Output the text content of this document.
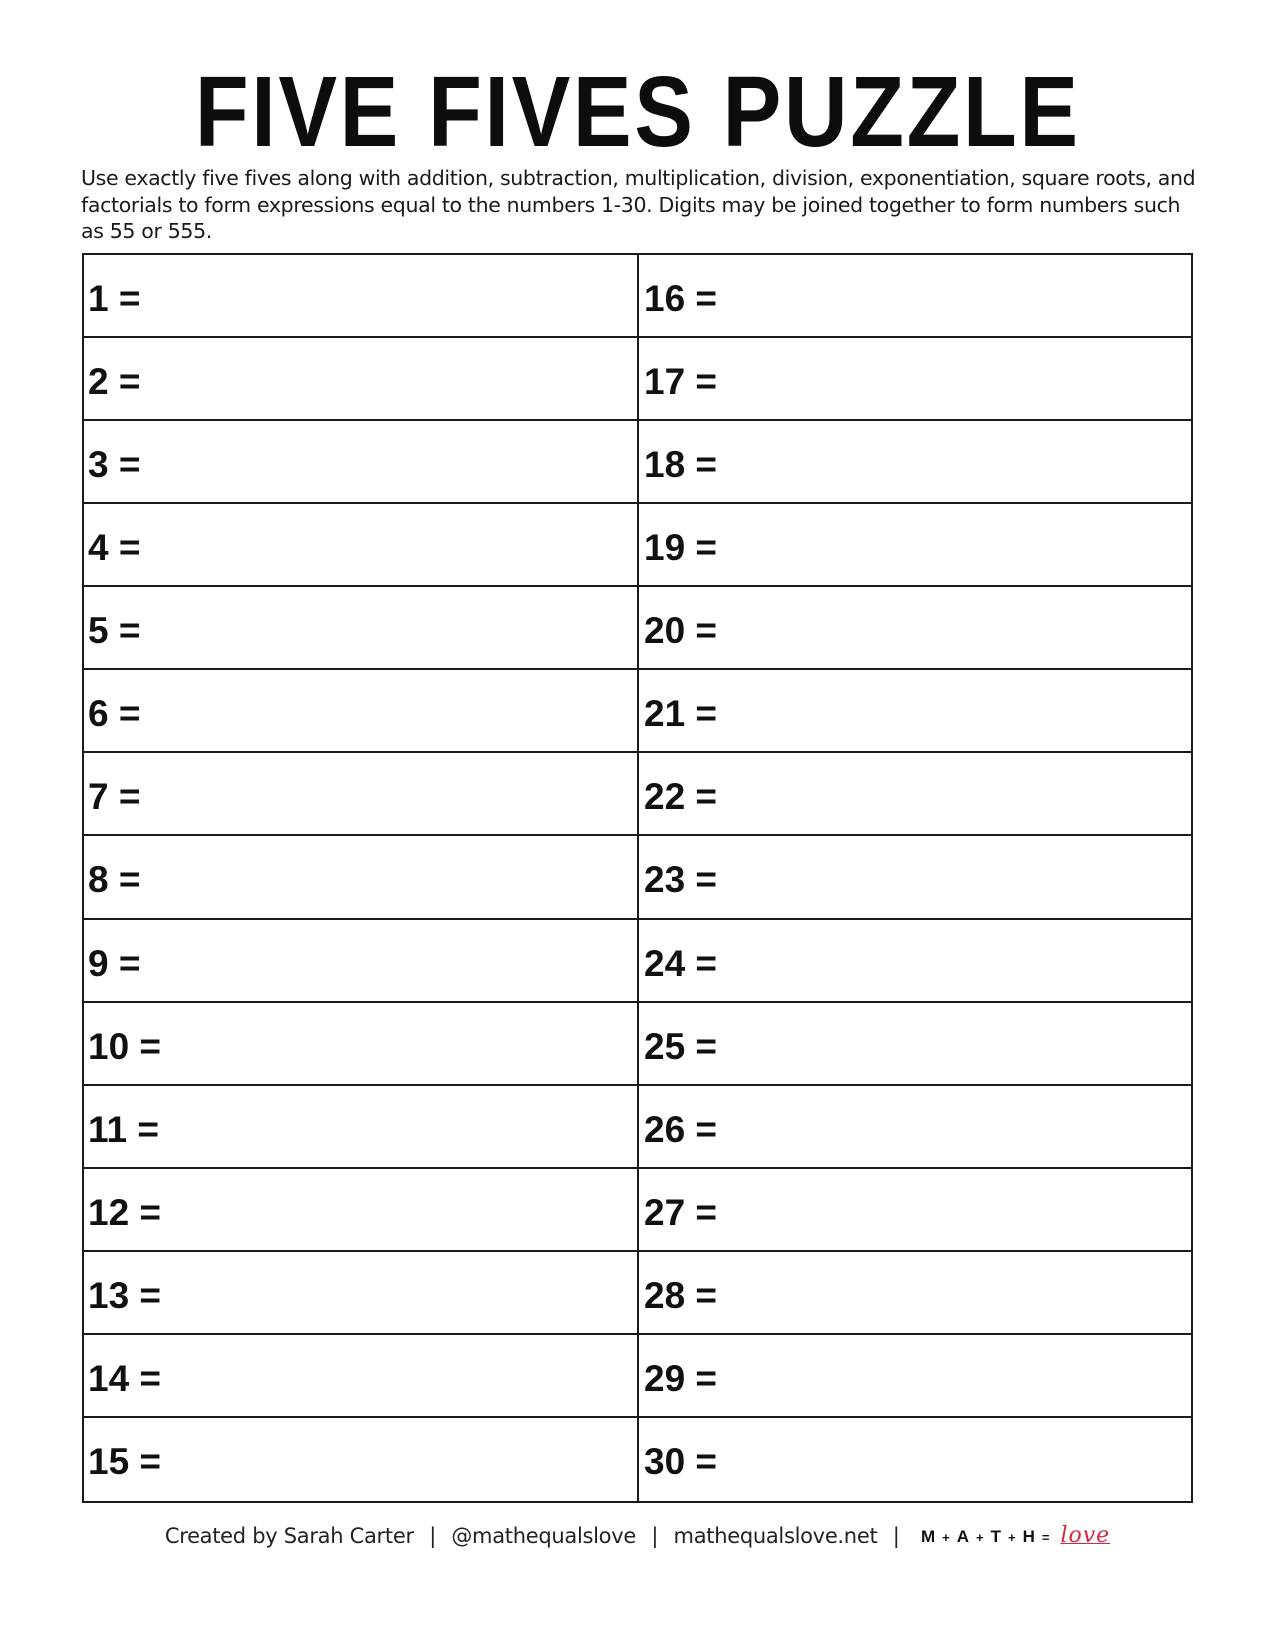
FIVE FIVES PUZZLE
Use exactly five fives along with addition, subtraction, multiplication, division, exponentiation, square roots, and factorials to form expressions equal to the numbers 1-30. Digits may be joined together to form numbers such as 55 or 555.
1 =
2 =
3 =
4 =
5 =
6 =
7 =
8 =
9 =
10 =
11 =
12 =
13 =
14 =
15 =
16 =
17 =
18 =
19 =
20 =
21 =
22 =
23 =
24 =
25 =
26 =
27 =
28 =
29 =
30 =
Created by Sarah Carter | @mathequalslove | mathequalslove.net | M + A + T + H = love
